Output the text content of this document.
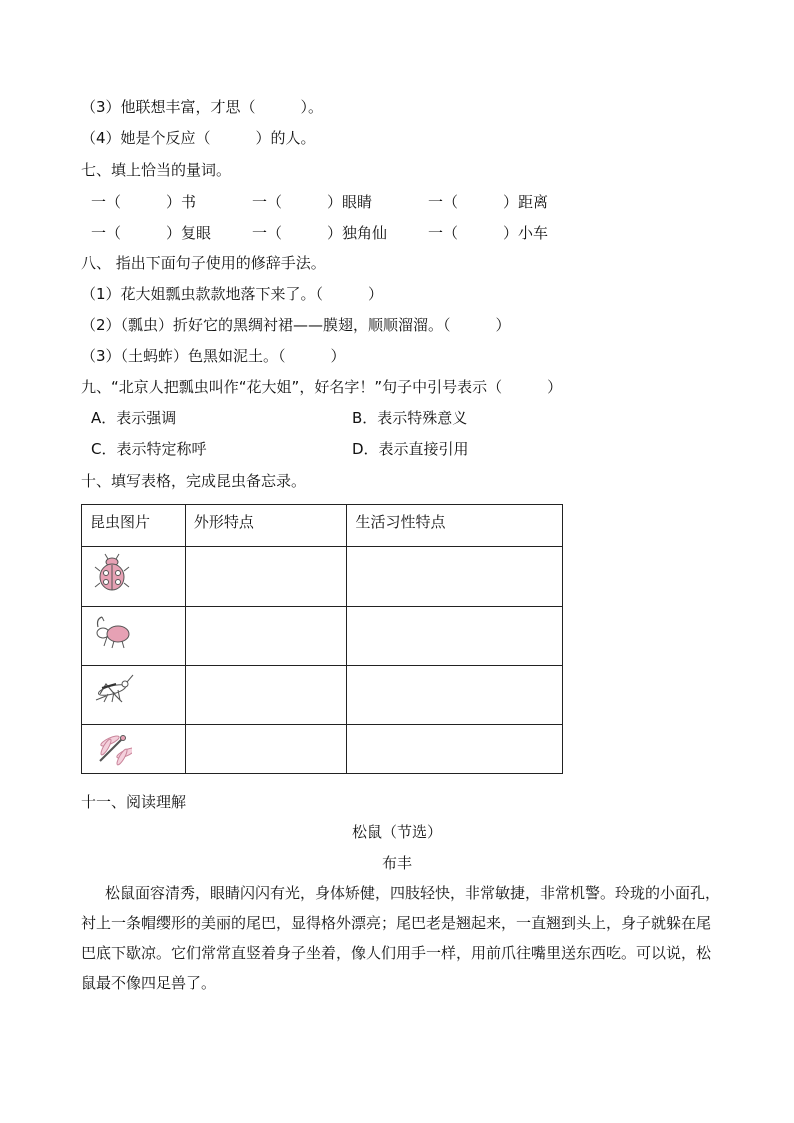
（3）他联想丰富，才思（　　　）。
（4）她是个反应（　　　）的人。
七、填上恰当的量词。
一（　　　）书	一（　　　）眼睛	一（　　　）距离
一（　　　）复眼	一（　　　）独角仙	一（　　　）小车
八、 指出下面句子使用的修辞手法。
（1）花大姐瓢虫款款地落下来了。（　　　）
（2）（瓢虫）折好它的黑绸衬裙——膜翅，顺顺溜溜。（　　　）
（3）（土蚂蚱）色黑如泥土。（　　　）
九、“北京人把瓢虫叫作“花大姐”，好名字！”句子中引号表示（　　　）
A．表示强调	B．表示特殊意义
C．表示特定称呼	D．表示直接引用
十、填写表格，完成昆虫备忘录。
昆虫图片	外形特点	生活习性特点

十一、阅读理解
松鼠（节选）
布丰
松鼠面容清秀，眼睛闪闪有光，身体矫健，四肢轻快，非常敏捷，非常机警。玲珑的小面孔，衬上一条帽缨形的美丽的尾巴，显得格外漂亮；尾巴老是翘起来，一直翘到头上，身子就躲在尾巴底下歇凉。它们常常直竖着身子坐着，像人们用手一样，用前爪往嘴里送东西吃。可以说，松鼠最不像四足兽了。
